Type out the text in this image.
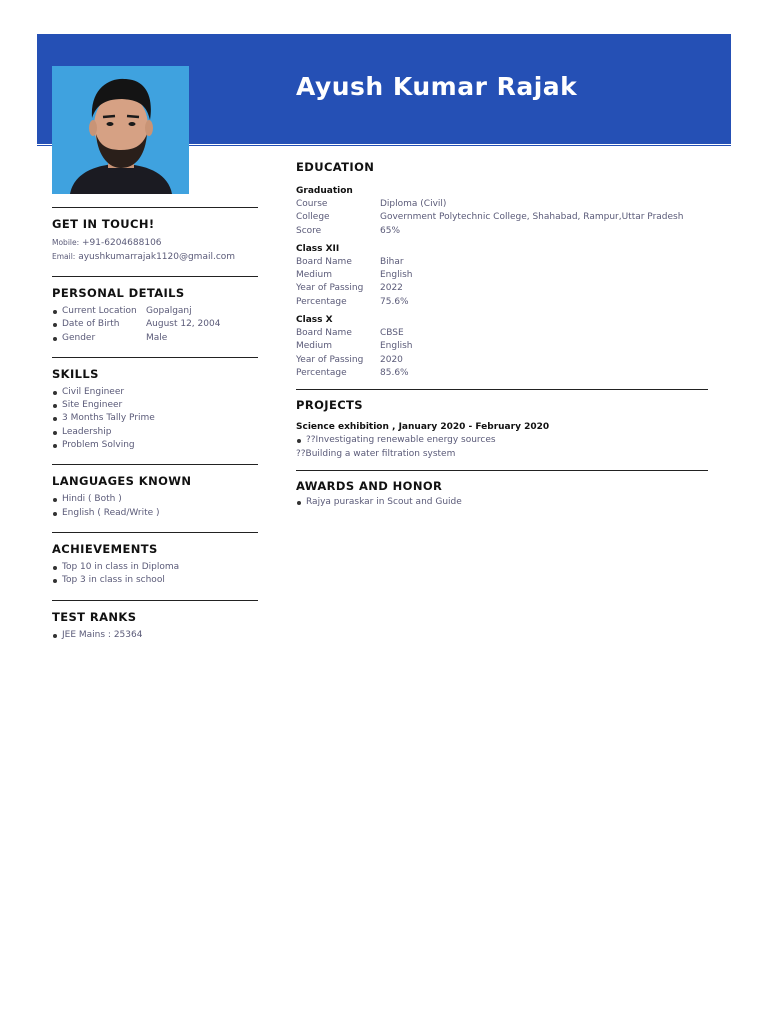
Ayush Kumar Rajak
GET IN TOUCH!
Mobile: +91-6204688106
Email: ayushkumarrajak1120@gmail.com
PERSONAL DETAILS
Current Location	Gopalganj
Date of Birth	August 12, 2004
Gender	Male
SKILLS
Civil Engineer
Site Engineer
3 Months Tally Prime
Leadership
Problem Solving
LANGUAGES KNOWN
Hindi ( Both )
English ( Read/Write )
ACHIEVEMENTS
Top 10 in class in Diploma
Top 3 in class in school
TEST RANKS
JEE Mains : 25364
EDUCATION
Graduation
Course	Diploma (Civil)
College	Government Polytechnic College, Shahabad, Rampur,Uttar Pradesh
Score	65%
Class XII
Board Name	Bihar
Medium	English
Year of Passing	2022
Percentage	75.6%
Class X
Board Name	CBSE
Medium	English
Year of Passing	2020
Percentage	85.6%
PROJECTS
Science exhibition , January 2020 - February 2020
??Investigating renewable energy sources
??Building a water filtration system
AWARDS AND HONOR
Rajya puraskar in Scout and Guide
